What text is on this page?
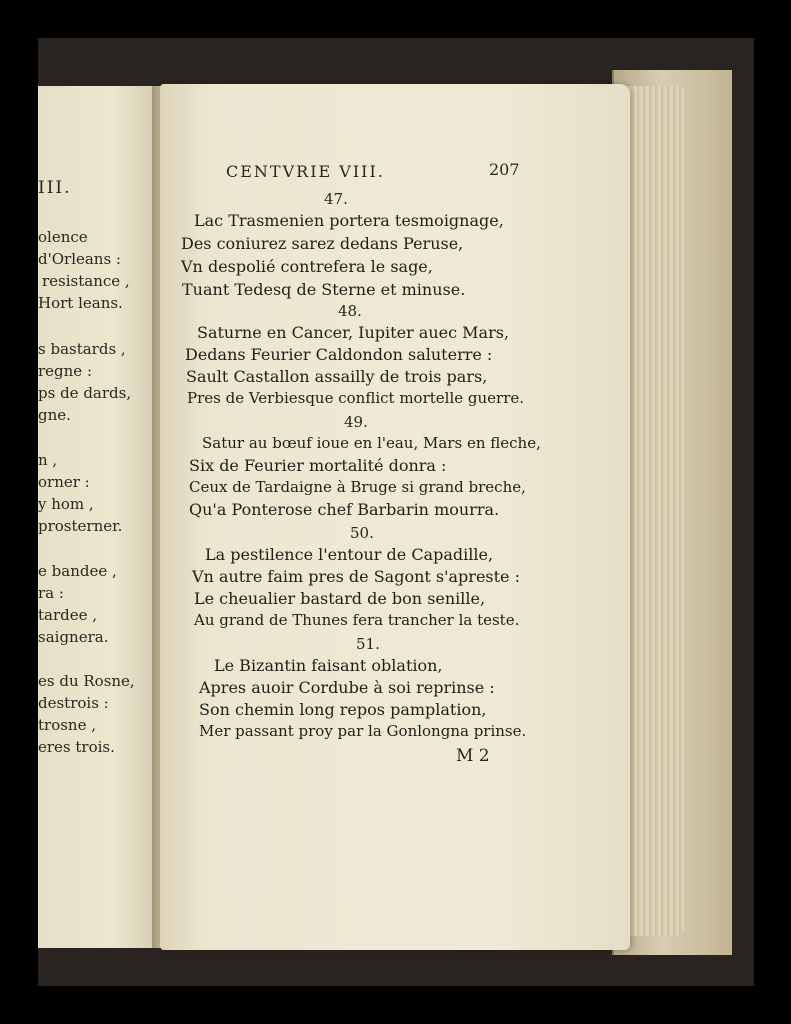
III.
olence
d'Orleans :
resistance ,
Hort leans.
s bastards ,
regne :
ps de dards,
gne.
n ,
orner :
y hom ,
prosterner.
e bandee ,
ra :
tardee ,
saignera.
es du Rosne,
destrois :
trosne ,
eres trois.
CENTVRIE VIII.	207
47.
Lac Trasmenien portera tesmoignage,
Des coniurez sarez dedans Peruse,
Vn despolié contrefera le sage,
Tuant Tedesq de Sterne et minuse.
48.
Saturne en Cancer, Iupiter auec Mars,
Dedans Feurier Caldondon saluterre :
Sault Castallon assailly de trois pars,
Pres de Verbiesque conflict mortelle guerre.
49.
Satur au bœuf ioue en l'eau, Mars en fleche,
Six de Feurier mortalité donra :
Ceux de Tardaigne à Bruge si grand breche,
Qu'a Ponterose chef Barbarin mourra.
50.
La pestilence l'entour de Capadille,
Vn autre faim pres de Sagont s'apreste :
Le cheualier bastard de bon senille,
Au grand de Thunes fera trancher la teste.
51.
Le Bizantin faisant oblation,
Apres auoir Cordube à soi reprinse :
Son chemin long repos pamplation,
Mer passant proy par la Gonlongna prinse.
M 2
